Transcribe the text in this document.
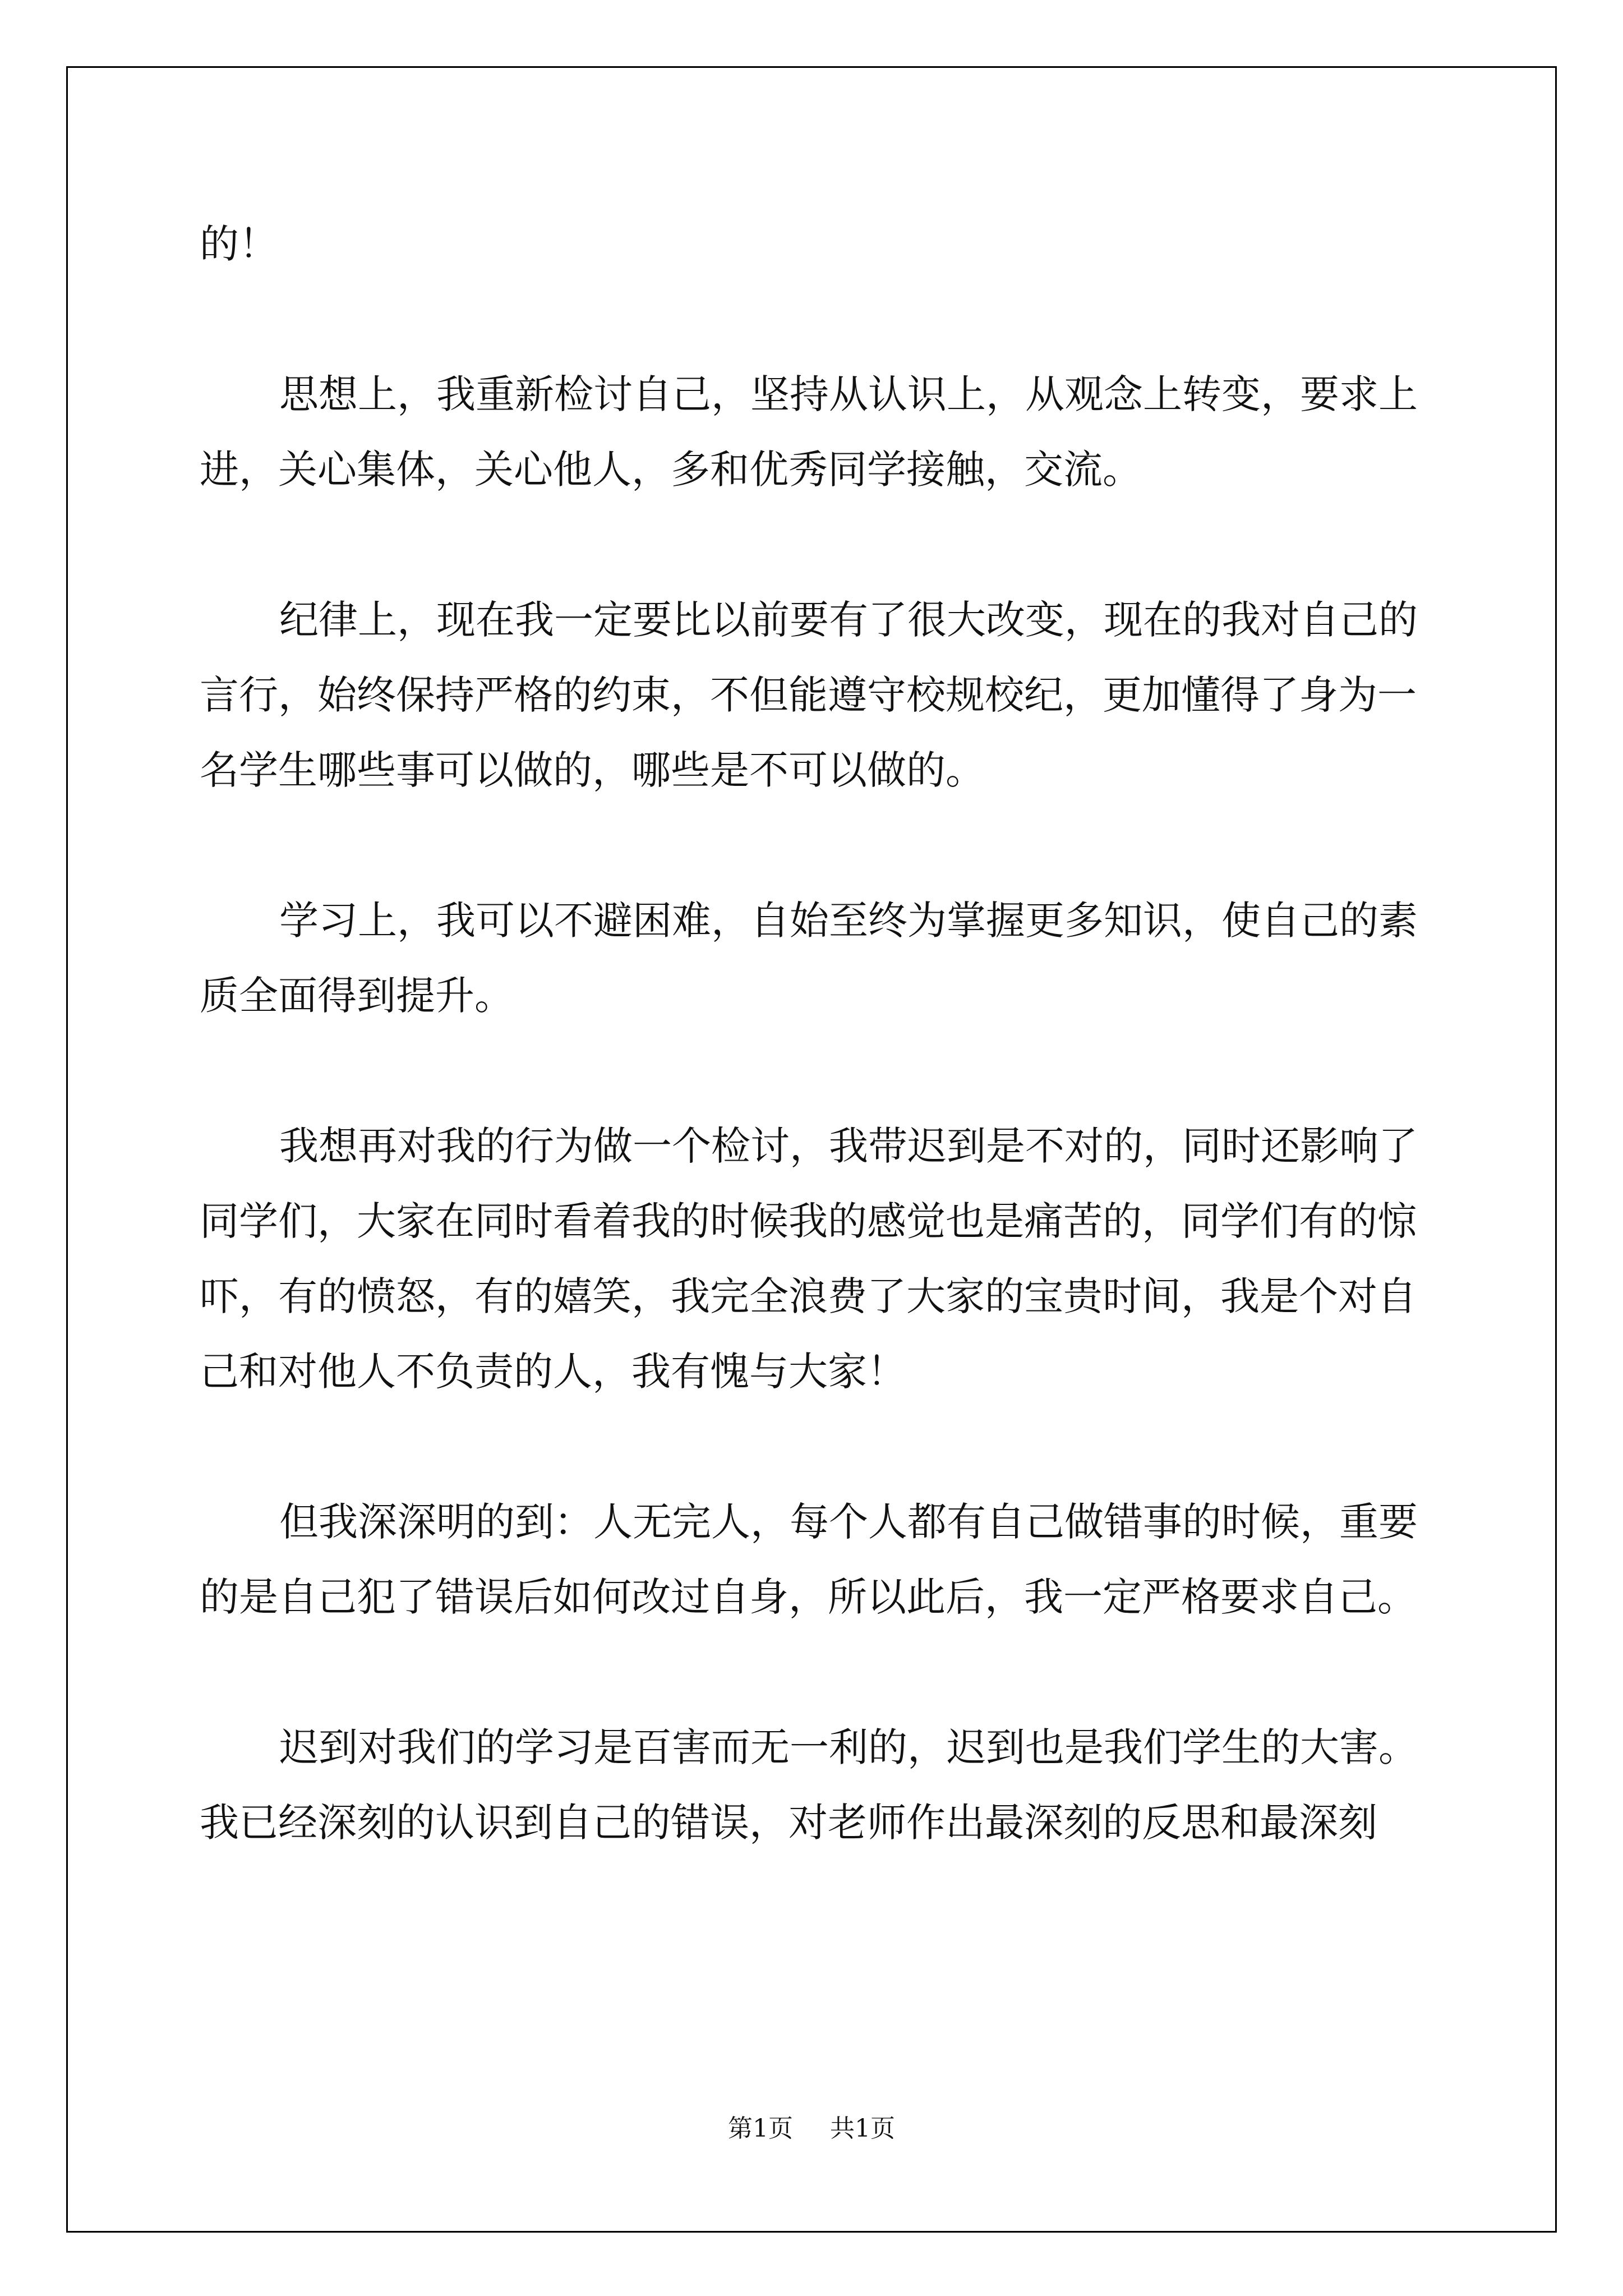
的！

思想上，我重新检讨自己，坚持从认识上，从观念上转变，要求上进，关心集体，关心他人，多和优秀同学接触，交流。

纪律上，现在我一定要比以前要有了很大改变，现在的我对自己的言行，始终保持严格的约束，不但能遵守校规校纪，更加懂得了身为一名学生哪些事可以做的，哪些是不可以做的。

学习上，我可以不避困难，自始至终为掌握更多知识，使自己的素质全面得到提升。

我想再对我的行为做一个检讨，我带迟到是不对的，同时还影响了同学们，大家在同时看着我的时候我的感觉也是痛苦的，同学们有的惊吓，有的愤怒，有的嬉笑，我完全浪费了大家的宝贵时间，我是个对自己和对他人不负责的人，我有愧与大家！

但我深深明的到：人无完人，每个人都有自己做错事的时候，重要的是自己犯了错误后如何改过自身，所以此后，我一定严格要求自己。

迟到对我们的学习是百害而无一利的，迟到也是我们学生的大害。我已经深刻的认识到自己的错误，对老师作出最深刻的反思和最深刻

第1页 共1页
